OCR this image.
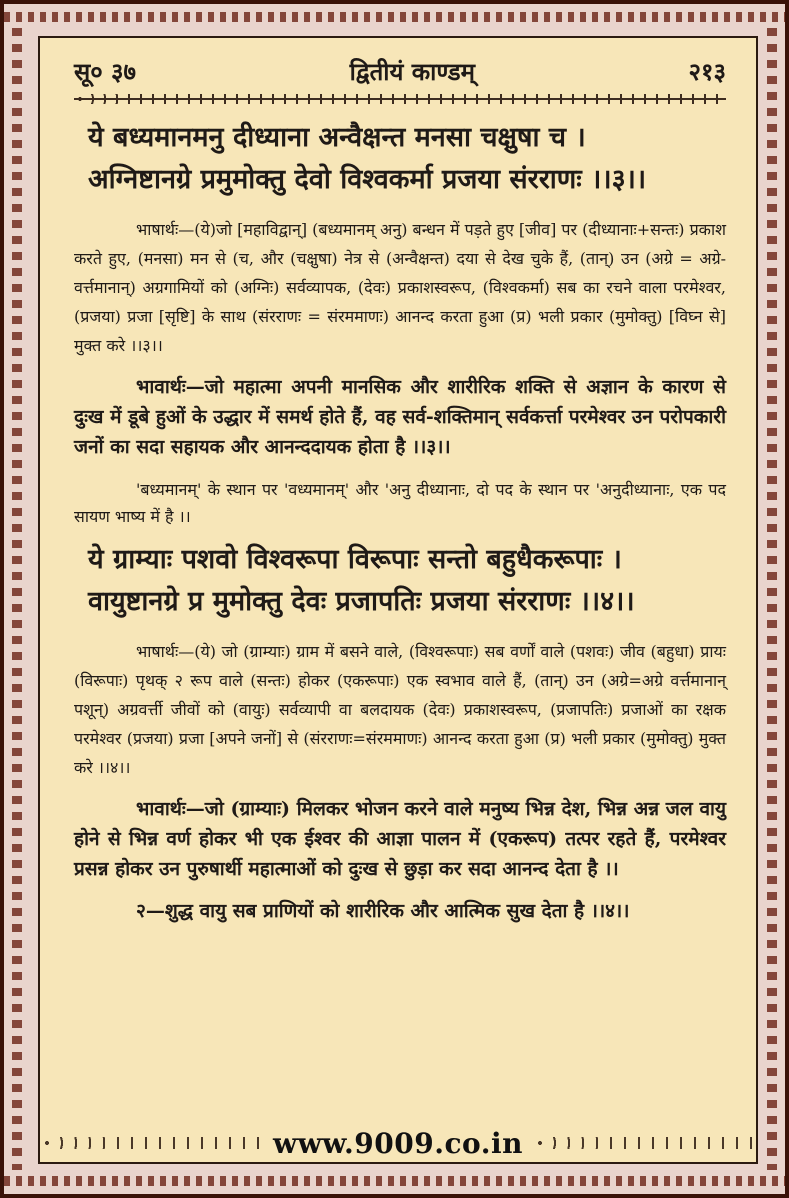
सू० ३७	द्वितीयं काण्डम्	२१३
ये बध्यमानमनु दीध्याना अन्वैक्षन्त मनसा चक्षुषा च ।
अग्निष्टानग्रे प्रमुमोक्तु देवो विश्वकर्मा प्रजया संरराणः ।।३।।

भाषार्थः—(ये)जो [महाविद्वान्] (बध्यमानम् अनु) बन्धन में पड़ते हुए [जीव] पर (दीध्यानाः+सन्तः) प्रकाश करते हुए, (मनसा) मन से (च, और (चक्षुषा) नेत्र से (अन्वैक्षन्त) दया से देख चुके हैं, (तान्) उन (अग्रे = अग्रे-वर्त्तमानान्) अग्रगामियों को (अग्निः) सर्वव्यापक, (देवः) प्रकाशस्वरूप, (विश्वकर्मा) सब का रचने वाला परमेश्वर, (प्रजया) प्रजा [सृष्टि] के साथ (संरराणः = संरममाणः) आनन्द करता हुआ (प्र) भली प्रकार (मुमोक्तु) [विघ्न से] मुक्त करे ।।३।।

भावार्थः—जो महात्मा अपनी मानसिक और शारीरिक शक्ति से अज्ञान के कारण से दुःख में डूबे हुओं के उद्धार में समर्थ होते हैं, वह सर्व-शक्तिमान् सर्वकर्त्ता परमेश्वर उन परोपकारी जनों का सदा सहायक और आनन्ददायक होता है ।।३।।

'बध्यमानम्' के स्थान पर 'वध्यमानम्' और 'अनु दीध्यानाः, दो पद के स्थान पर 'अनुदीध्यानाः, एक पद सायण भाष्य में है ।।

ये ग्राम्याः पशवो विश्वरूपा विरूपाः सन्तो बहुधैकरूपाः ।
वायुष्टानग्रे प्र मुमोक्तु देवः प्रजापतिः प्रजया संरराणः ।।४।।

भाषार्थः—(ये) जो (ग्राम्याः) ग्राम में बसने वाले, (विश्वरूपाः) सब वर्णों वाले (पशवः) जीव (बहुधा) प्रायः (विरूपाः) पृथक् २ रूप वाले (सन्तः) होकर (एकरूपाः) एक स्वभाव वाले हैं, (तान्) उन (अग्रे=अग्रे वर्त्तमानान् पशून्) अग्रवर्त्ती जीवों को (वायुः) सर्वव्यापी वा बलदायक (देवः) प्रकाशस्वरूप, (प्रजापतिः) प्रजाओं का रक्षक परमेश्वर (प्रजया) प्रजा [अपने जनों] से (संरराणः=संरममाणः) आनन्द करता हुआ (प्र) भली प्रकार (मुमोक्तु) मुक्त करे ।।४।।

भावार्थः—जो (ग्राम्याः) मिलकर भोजन करने वाले मनुष्य भिन्न देश, भिन्न अन्न जल वायु होने से भिन्न वर्ण होकर भी एक ईश्वर की आज्ञा पालन में (एकरूप) तत्पर रहते हैं, परमेश्वर प्रसन्न होकर उन पुरुषार्थी महात्माओं को दुःख से छुड़ा कर सदा आनन्द देता है ।।

२—शुद्ध वायु सब प्राणियों को शारीरिक और आत्मिक सुख देता है ।।४।।

www.9009.co.in
